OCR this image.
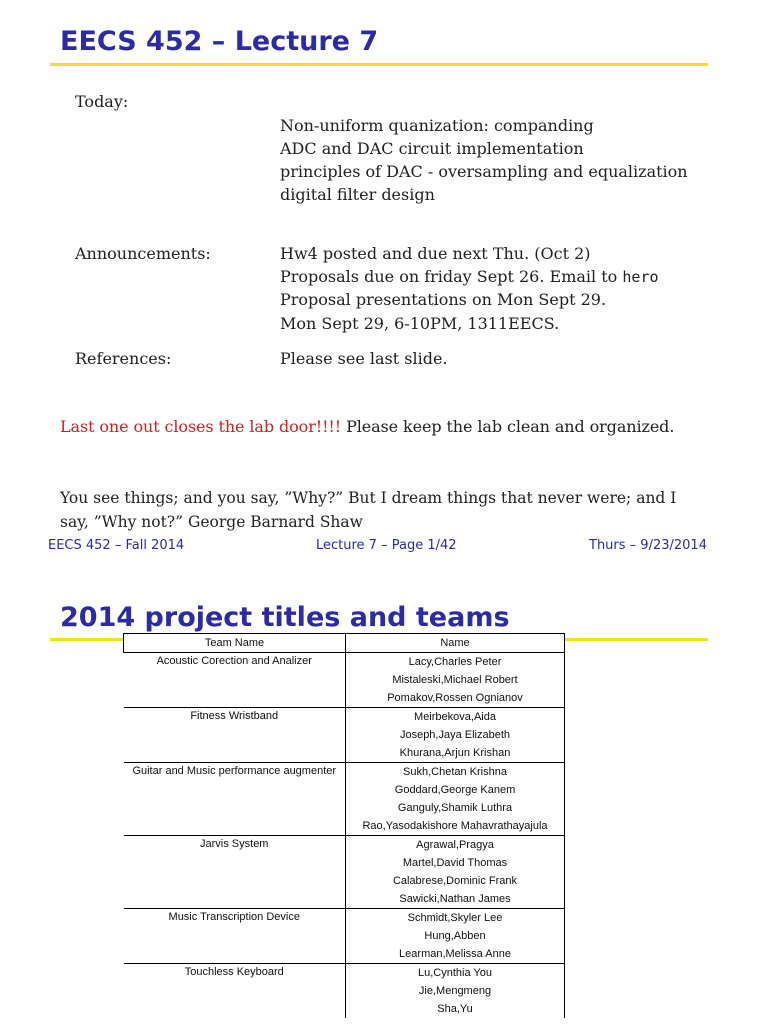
EECS 452 – Lecture 7
Today:
Non-uniform quanization: companding
ADC and DAC circuit implementation
principles of DAC - oversampling and equalization
digital filter design
Announcements:	Hw4 posted and due next Thu. (Oct 2)
Proposals due on friday Sept 26. Email to hero
Proposal presentations on Mon Sept 29.
Mon Sept 29, 6-10PM, 1311EECS.
References:	Please see last slide.
Last one out closes the lab door!!!! Please keep the lab clean and organized.
You see things; and you say, ”Why?” But I dream things that never were; and I
say, ”Why not?” George Barnard Shaw
EECS 452 – Fall 2014	Lecture 7 – Page 1/42	Thurs – 9/23/2014
2014 project titles and teams
Team Name	Name
Acoustic Corection and Analizer	Lacy,Charles Peter
	Mistaleski,Michael Robert
	Pomakov,Rossen Ognianov
Fitness Wristband	Meirbekova,Aida
	Joseph,Jaya Elizabeth
	Khurana,Arjun Krishan
Guitar and Music performance augmenter	Sukh,Chetan Krishna
	Goddard,George Kanem
	Ganguly,Shamik Luthra
	Rao,Yasodakishore Mahavrathayajula
Jarvis System	Agrawal,Pragya
	Martel,David Thomas
	Calabrese,Dominic Frank
	Sawicki,Nathan James
Music Transcription Device	Schmidt,Skyler Lee
	Hung,Abben
	Learman,Melissa Anne
Touchless Keyboard	Lu,Cynthia You
	Jie,Mengmeng
	Sha,Yu
